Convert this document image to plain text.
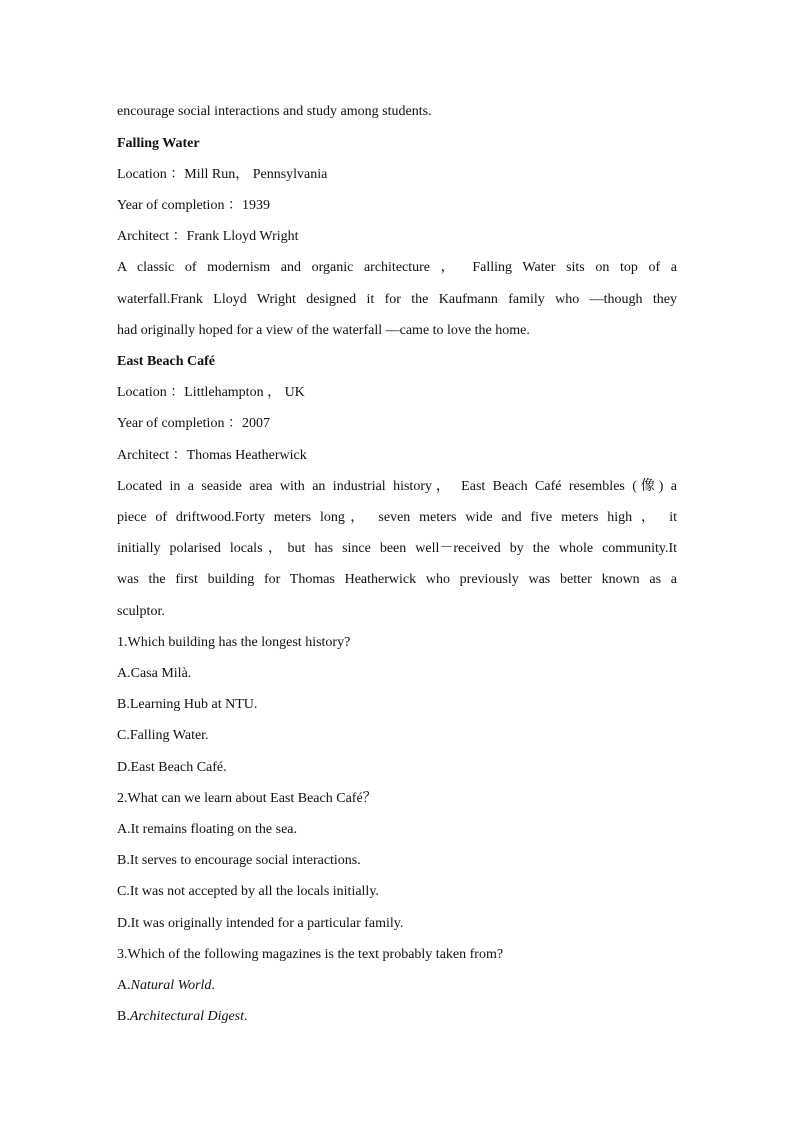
encourage social interactions and study among students.
Falling Water
Location ：Mill Run， Pennsylvania
Year of completion ：1939
Architect ：Frank Lloyd Wright
A classic of modernism and organic architecture ， Falling Water sits on top of a
waterfall.Frank Lloyd Wright designed it for the Kaufmann family who —though they
had originally hoped for a view of the waterfall —came to love the home.
East Beach Café
Location ：Littlehampton ， UK
Year of completion ：2007
Architect ：Thomas Heatherwick
Located in a seaside area with an industrial history， East Beach Café resembles (像) a
piece of driftwood.Forty meters long， seven meters wide and five meters high ， it
initially polarised locals，but has since been well－received by the whole community.It
was the first building for Thomas Heatherwick who previously was better known as a
sculptor.
1.Which building has the longest history?
A.Casa Milà.
B.Learning Hub at NTU.
C.Falling Water.
D.East Beach Café.
2.What can we learn about East Beach Café？
A.It remains floating on the sea.
B.It serves to encourage social interactions.
C.It was not accepted by all the locals initially.
D.It was originally intended for a particular family.
3.Which of the following magazines is the text probably taken from?
A.Natural World.
B.Architectural Digest.
